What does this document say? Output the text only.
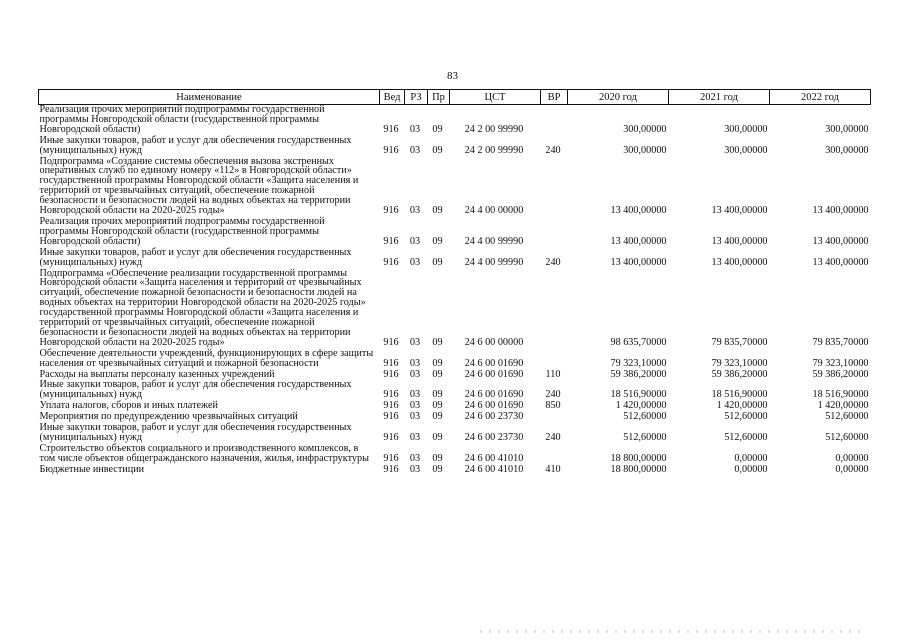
83
Наименование	Вед	РЗ	Пр	ЦСТ	ВР	2020 год	2021 год	2022 год
Реализация прочих мероприятий подпрограммы государственной программы Новгородской области (государственной программы Новгородской области)	916	03	09	24 2 00 99990		300,00000	300,00000	300,00000
Иные закупки товаров, работ и услуг для обеспечения государственных (муниципальных) нужд	916	03	09	24 2 00 99990	240	300,00000	300,00000	300,00000
Подпрограмма «Создание системы обеспечения вызова экстренных оперативных служб по единому номеру «112» в Новгородской области» государственной программы Новгородской области «Защита населения и территорий от чрезвычайных ситуаций, обеспечение пожарной безопасности и безопасности людей на водных объектах на территории Новгородской области на 2020-2025 годы»	916	03	09	24 4 00 00000		13 400,00000	13 400,00000	13 400,00000
Реализация прочих мероприятий подпрограммы государственной программы Новгородской области (государственной программы Новгородской области)	916	03	09	24 4 00 99990		13 400,00000	13 400,00000	13 400,00000
Иные закупки товаров, работ и услуг для обеспечения государственных (муниципальных) нужд	916	03	09	24 4 00 99990	240	13 400,00000	13 400,00000	13 400,00000
Подпрограмма «Обеспечение реализации государственной программы Новгородской области «Защита населения и территорий от чрезвычайных ситуаций, обеспечение пожарной безопасности и безопасности людей на водных объектах на территории Новгородской области на 2020-2025 годы» государственной программы Новгородской области «Защита населения и территорий от чрезвычайных ситуаций, обеспечение пожарной безопасности и безопасности людей на водных объектах на территории Новгородской области на 2020-2025 годы»	916	03	09	24 6 00 00000		98 635,70000	79 835,70000	79 835,70000
Обеспечение деятельности учреждений, функционирующих в сфере защиты населения от чрезвычайных ситуаций и пожарной безопасности	916	03	09	24 6 00 01690		79 323,10000	79 323,10000	79 323,10000
Расходы на выплаты персоналу казенных учреждений	916	03	09	24 6 00 01690	110	59 386,20000	59 386,20000	59 386,20000
Иные закупки товаров, работ и услуг для обеспечения государственных (муниципальных) нужд	916	03	09	24 6 00 01690	240	18 516,90000	18 516,90000	18 516,90000
Уплата налогов, сборов и иных платежей	916	03	09	24 6 00 01690	850	1 420,00000	1 420,00000	1 420,00000
Мероприятия по предупреждению чрезвычайных ситуаций	916	03	09	24 6 00 23730		512,60000	512,60000	512,60000
Иные закупки товаров, работ и услуг для обеспечения государственных (муниципальных) нужд	916	03	09	24 6 00 23730	240	512,60000	512,60000	512,60000
Строительство объектов социального и производственного комплексов, в том числе объектов общегражданского назначения, жилья, инфраструктуры	916	03	09	24 6 00 41010		18 800,00000	0,00000	0,00000
Бюджетные инвестиции	916	03	09	24 6 00 41010	410	18 800,00000	0,00000	0,00000
